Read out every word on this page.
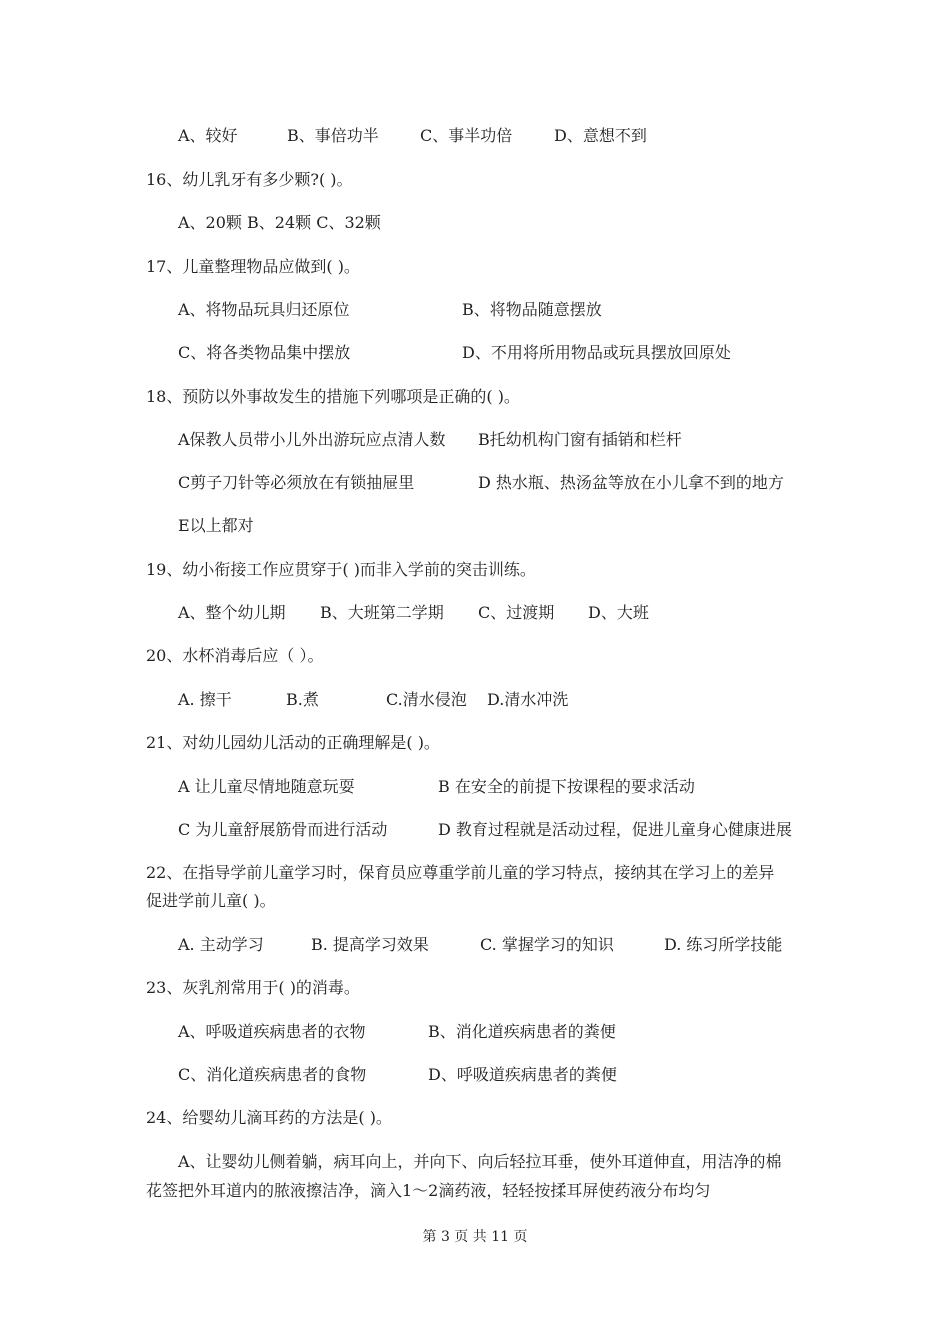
A、较好	B、事倍功半	C、事半功倍	D、意想不到
16、幼儿乳牙有多少颗?( )。
A、20颗 B、24颗 C、32颗
17、儿童整理物品应做到( )。
A、将物品玩具归还原位	B、将物品随意摆放
C、将各类物品集中摆放	D、不用将所用物品或玩具摆放回原处
18、预防以外事故发生的措施下列哪项是正确的( )。
A保教人员带小儿外出游玩应点清人数 B托幼机构门窗有插销和栏杆
C剪子刀针等必须放在有锁抽屉里	D 热水瓶、热汤盆等放在小儿拿不到的地方
E以上都对
19、幼小衔接工作应贯穿于( )而非入学前的突击训练。
A、整个幼儿期 B、大班第二学期 C、过渡期 D、大班
20、水杯消毒后应（ ）。
A. 擦干	B.煮	C.清水侵泡 D.清水冲洗
21、对幼儿园幼儿活动的正确理解是( )。
A 让儿童尽情地随意玩耍	B 在安全的前提下按课程的要求活动
C 为儿童舒展筋骨而进行活动	D 教育过程就是活动过程，促进儿童身心健康进展
22、在指导学前儿童学习时，保育员应尊重学前儿童的学习特点，接纳其在学习上的差异
促进学前儿童( )。
A. 主动学习	B. 提高学习效果	C. 掌握学习的知识	D. 练习所学技能
23、灰乳剂常用于( )的消毒。
A、呼吸道疾病患者的衣物	B、消化道疾病患者的粪便
C、消化道疾病患者的食物	D、呼吸道疾病患者的粪便
24、给婴幼儿滴耳药的方法是( )。
A、让婴幼儿侧着躺，病耳向上，并向下、向后轻拉耳垂，使外耳道伸直，用洁净的棉
花签把外耳道内的脓液擦洁净，滴入1～2滴药液，轻轻按揉耳屏使药液分布均匀
第 3 页 共 11 页
